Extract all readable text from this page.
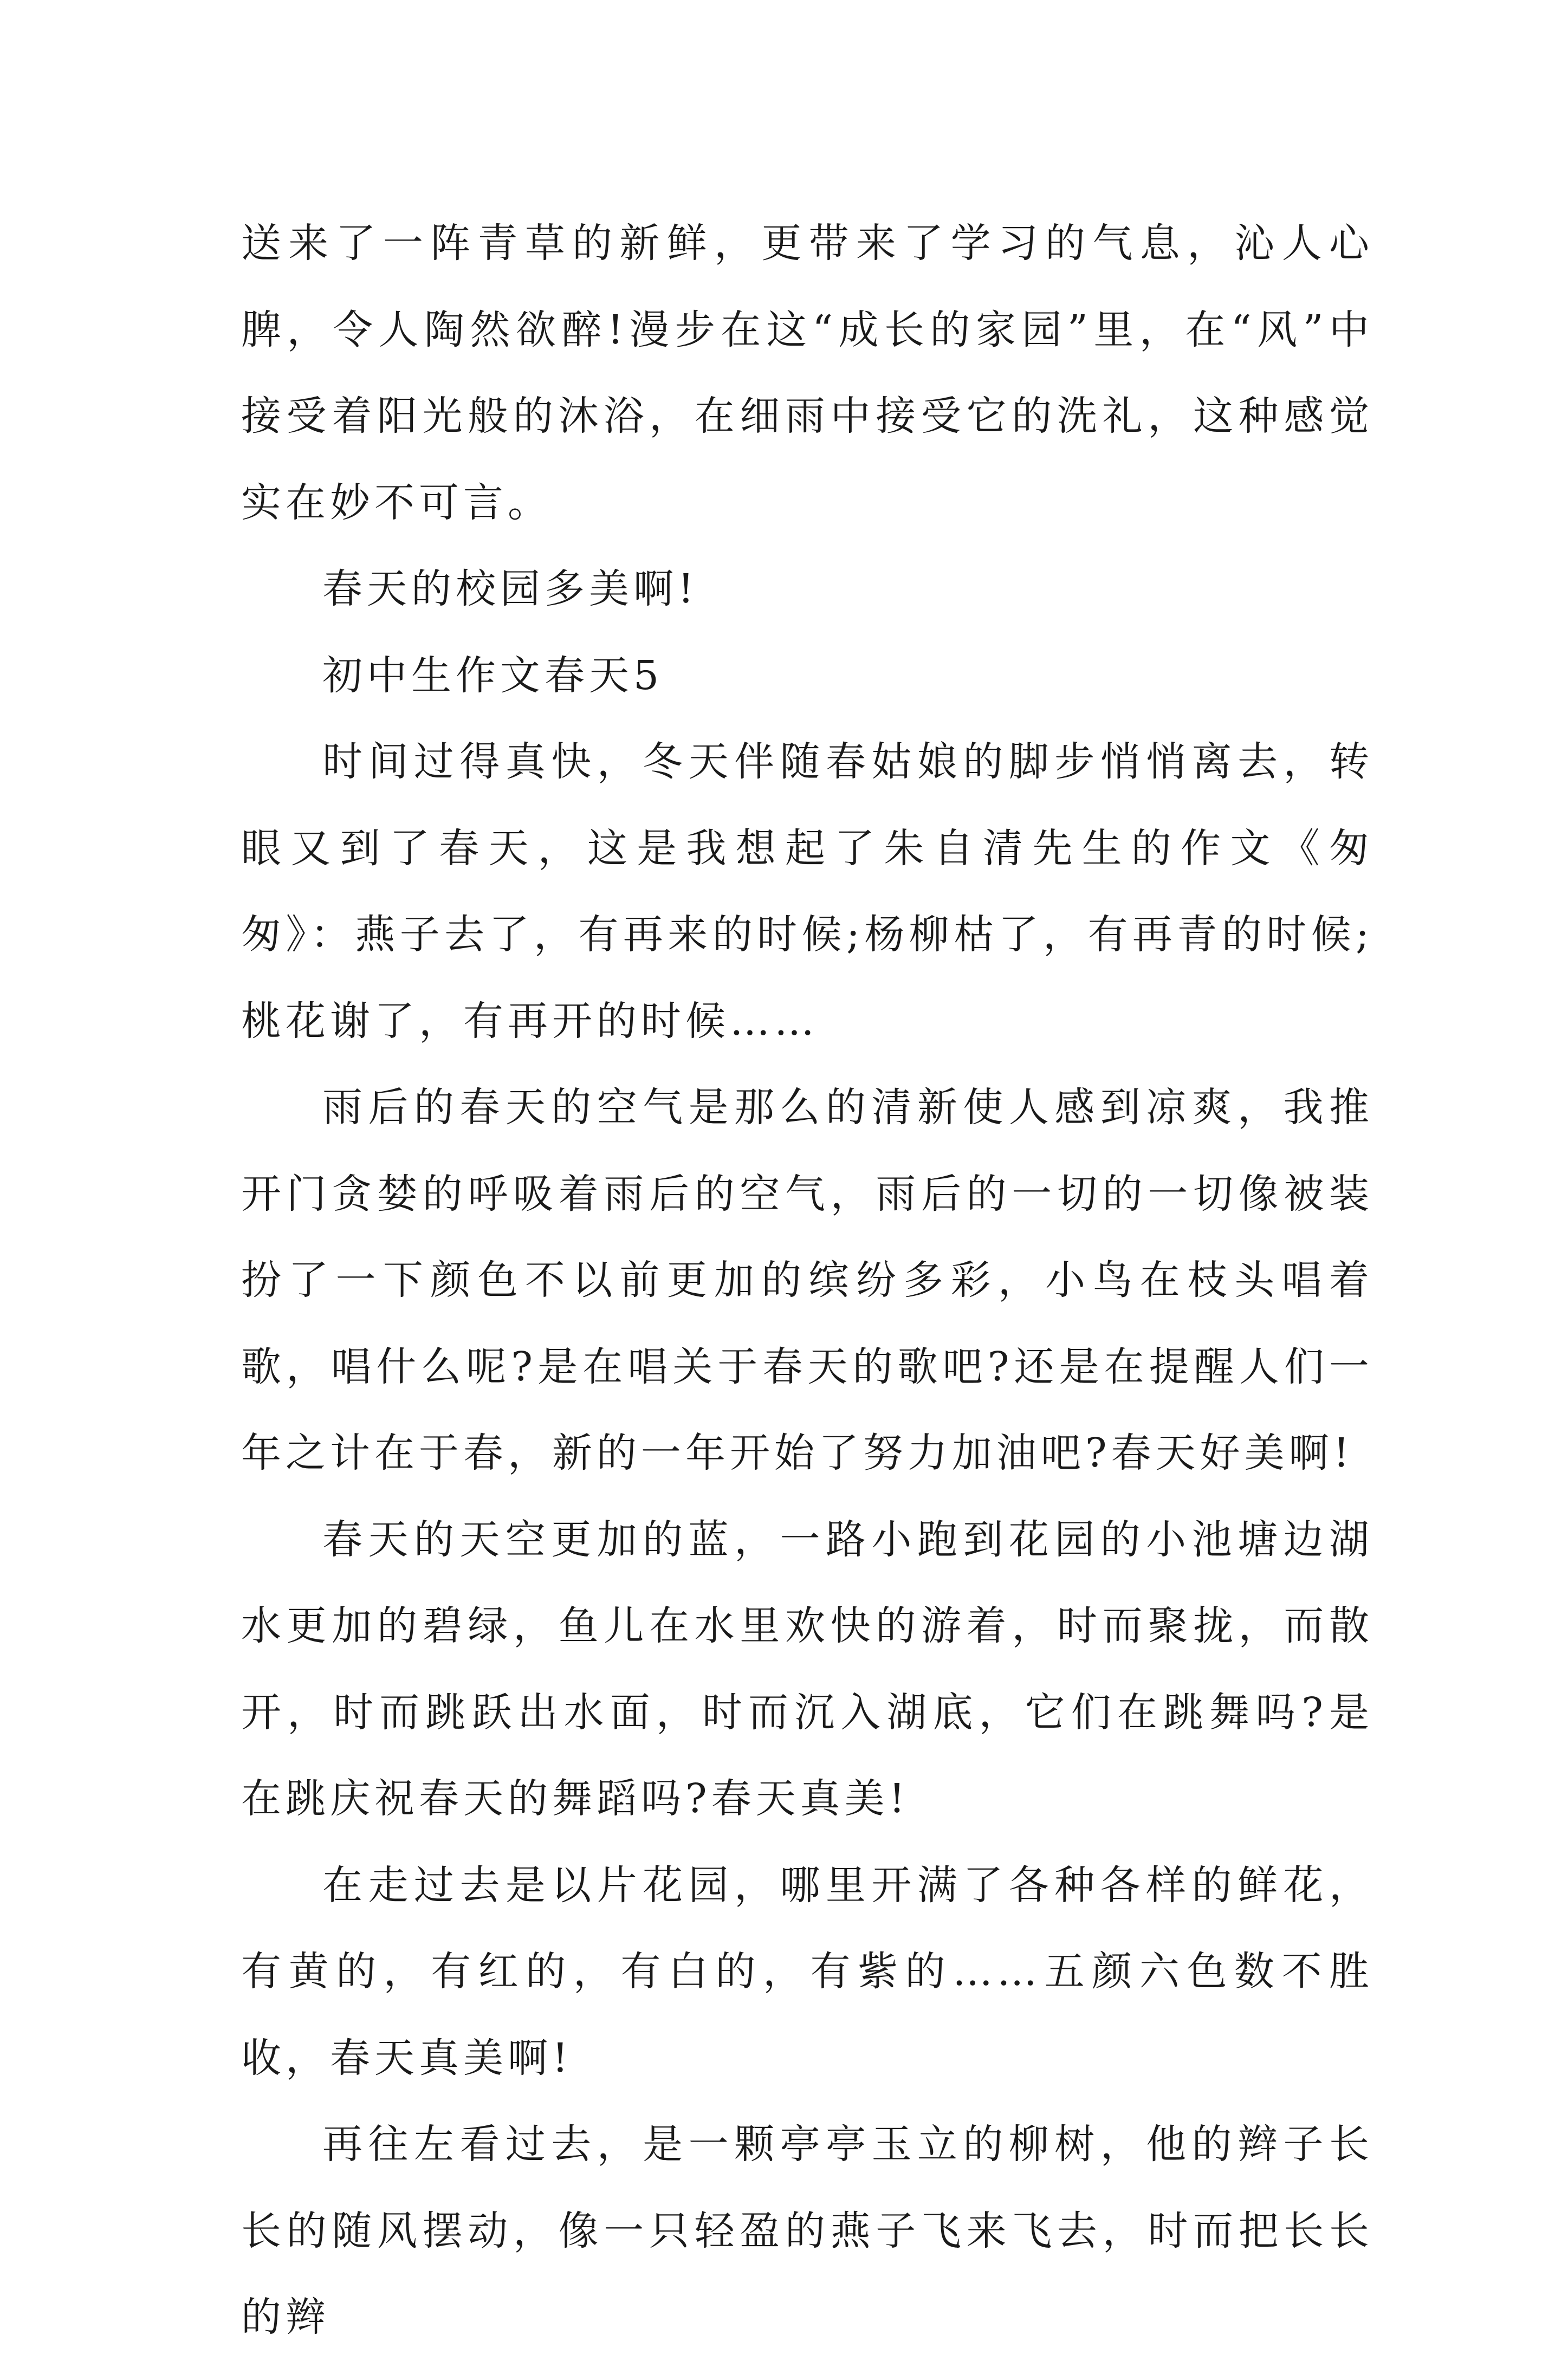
送来了一阵青草的新鲜，更带来了学习的气息，沁人心脾，令人陶然欲醉!漫步在这“成长的家园”里，在“风”中接受着阳光般的沐浴，在细雨中接受它的洗礼，这种感觉实在妙不可言。

春天的校园多美啊!

初中生作文春天5

时间过得真快，冬天伴随春姑娘的脚步悄悄离去，转眼又到了春天，这是我想起了朱自清先生的作文《匆匆》：燕子去了，有再来的时候;杨柳枯了，有再青的时候;桃花谢了，有再开的时候……

雨后的春天的空气是那么的清新使人感到凉爽，我推开门贪婪的呼吸着雨后的空气，雨后的一切的一切像被装扮了一下颜色不以前更加的缤纷多彩，小鸟在枝头唱着歌，唱什么呢?是在唱关于春天的歌吧?还是在提醒人们一年之计在于春，新的一年开始了努力加油吧?春天好美啊!

春天的天空更加的蓝，一路小跑到花园的小池塘边湖水更加的碧绿，鱼儿在水里欢快的游着，时而聚拢，而散开，时而跳跃出水面，时而沉入湖底，它们在跳舞吗?是在跳庆祝春天的舞蹈吗?春天真美!

在走过去是以片花园，哪里开满了各种各样的鲜花，有黄的，有红的，有白的，有紫的……五颜六色数不胜收，春天真美啊!

再往左看过去，是一颗亭亭玉立的柳树，他的辫子长长的随风摆动，像一只轻盈的燕子飞来飞去，时而把长长的辫
